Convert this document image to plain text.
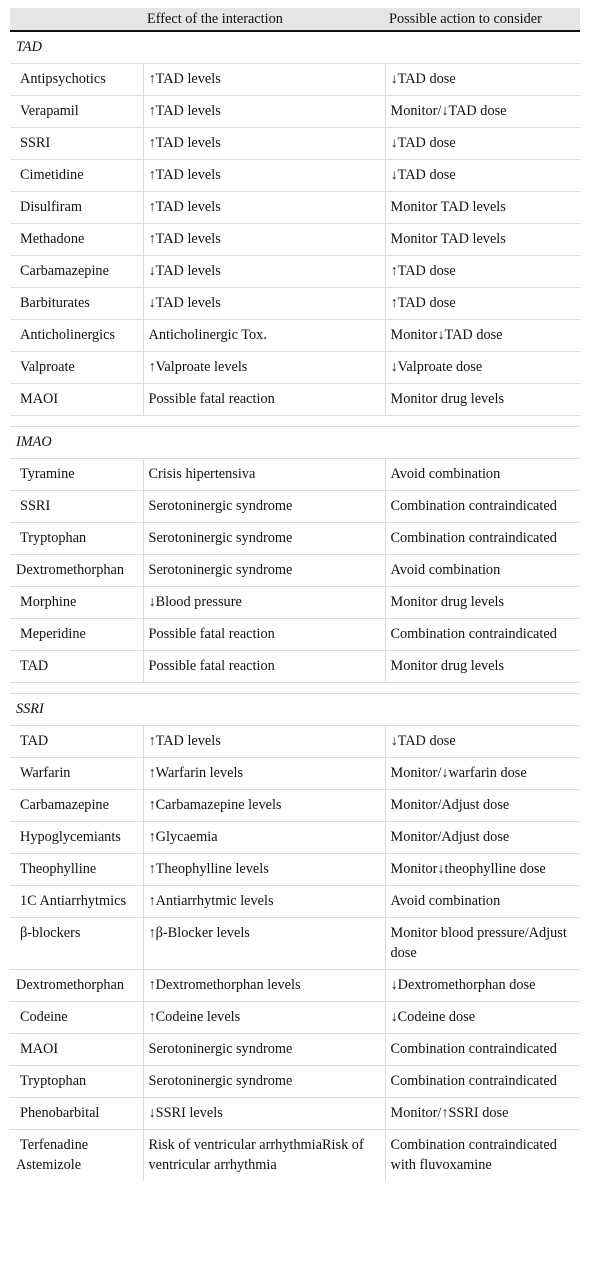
	Effect of the interaction	Possible action to consider
TAD		
Antipsychotics	↑TAD levels	↓TAD dose
Verapamil	↑TAD levels	Monitor/↓TAD dose
SSRI	↑TAD levels	↓TAD dose
Cimetidine	↑TAD levels	↓TAD dose
Disulfiram	↑TAD levels	Monitor TAD levels
Methadone	↑TAD levels	Monitor TAD levels
Carbamazepine	↓TAD levels	↑TAD dose
Barbiturates	↓TAD levels	↑TAD dose
Anticholinergics	Anticholinergic Tox.	Monitor↓TAD dose
Valproate	↑Valproate levels	↓Valproate dose
MAOI	Possible fatal reaction	Monitor drug levels

IMAO		
Tyramine	Crisis hipertensiva	Avoid combination
SSRI	Serotoninergic syndrome	Combination contraindicated
Tryptophan	Serotoninergic syndrome	Combination contraindicated
Dextromethorphan	Serotoninergic syndrome	Avoid combination
Morphine	↓Blood pressure	Monitor drug levels
Meperidine	Possible fatal reaction	Combination contraindicated
TAD	Possible fatal reaction	Monitor drug levels

SSRI		
TAD	↑TAD levels	↓TAD dose
Warfarin	↑Warfarin levels	Monitor/↓warfarin dose
Carbamazepine	↑Carbamazepine levels	Monitor/Adjust dose
Hypoglycemiants	↑Glycaemia	Monitor/Adjust dose
Theophylline	↑Theophylline levels	Monitor↓theophylline dose
1C Antiarrhytmics	↑Antiarrhytmic levels	Avoid combination
β-blockers	↑β-Blocker levels	Monitor blood pressure/Adjust dose
Dextromethorphan	↑Dextromethorphan levels	↓Dextromethorphan dose
Codeine	↑Codeine levels	↓Codeine dose
MAOI	Serotoninergic syndrome	Combination contraindicated
Tryptophan	Serotoninergic syndrome	Combination contraindicated
Phenobarbital	↓SSRI levels	Monitor/↑SSRI dose
Terfenadine Astemizole	Risk of ventricular arrhythmiaRisk of ventricular arrhythmia	Combination contraindicated with fluvoxamine
